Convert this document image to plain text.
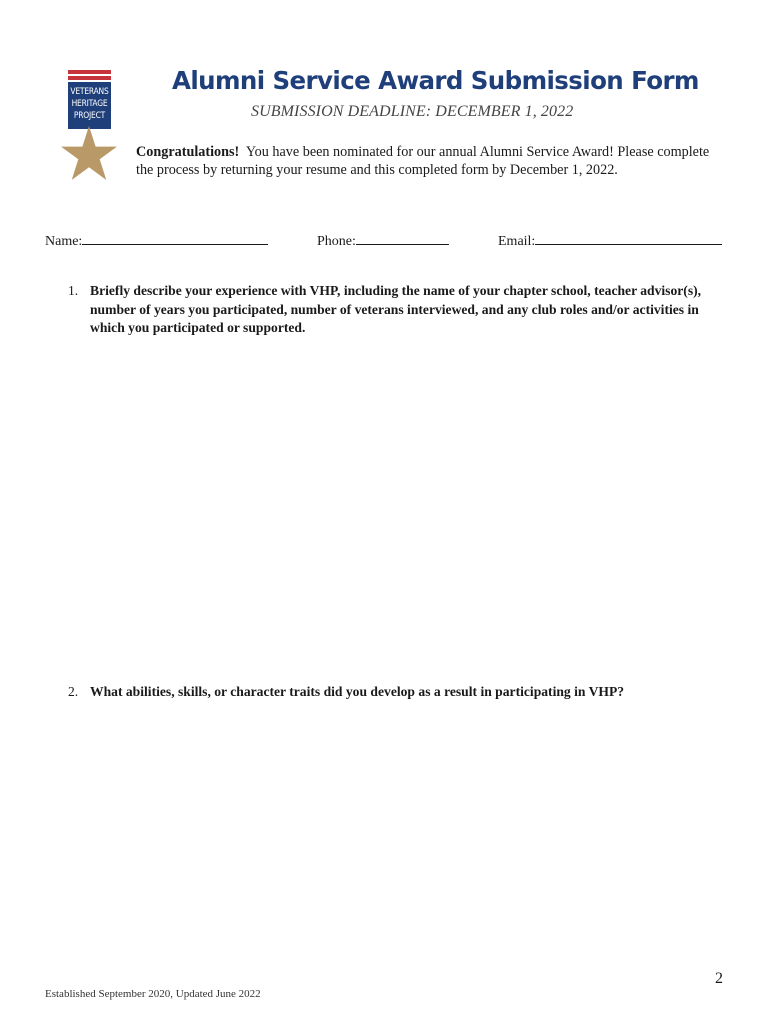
VETERANS
HERITAGE
PROJECT
Alumni Service Award Submission Form
SUBMISSION DEADLINE: DECEMBER 1, 2022
Congratulations! You have been nominated for our annual Alumni Service Award! Please complete the process by returning your resume and this completed form by December 1, 2022.
Name:	Phone:	Email:
1. Briefly describe your experience with VHP, including the name of your chapter school, teacher advisor(s), number of years you participated, number of veterans interviewed, and any club roles and/or activities in which you participated or supported.
2. What abilities, skills, or character traits did you develop as a result in participating in VHP?
2
Established September 2020, Updated June 2022
